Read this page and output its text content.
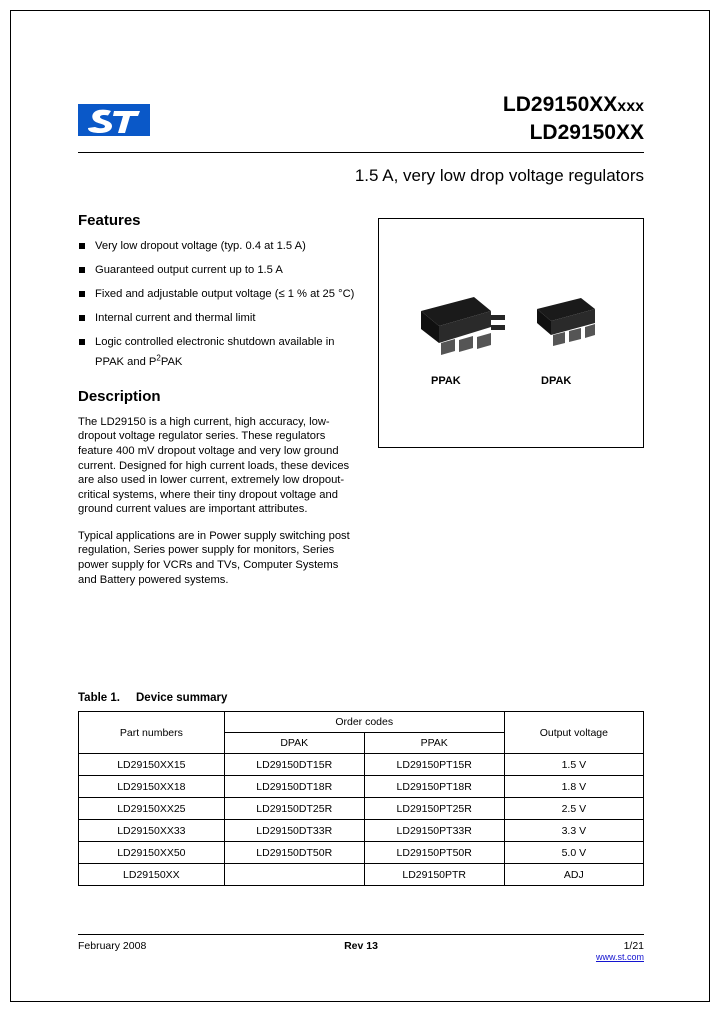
LD29150XXxxx
LD29150XX
1.5 A, very low drop voltage regulators
Features
Very low dropout voltage (typ. 0.4 at 1.5 A)
Guaranteed output current up to 1.5 A
Fixed and adjustable output voltage (≤ 1 % at 25 °C)
Internal current and thermal limit
Logic controlled electronic shutdown available in PPAK and $P^2PAK$
Description

The LD29150 is a high current, high accuracy, low-dropout voltage regulator series. These regulators feature 400 mV dropout voltage and very low ground current. Designed for high current loads, these devices are also used in lower current, extremely low dropout-critical systems, where their tiny dropout voltage and ground current values are important attributes.

Typical applications are in Power supply switching post regulation, Series power supply for monitors, Series power supply for VCRs and TVs, Computer Systems and Battery powered systems.

PPAK	DPAK
Table 1. Device summary
Part numbers	Order codes		Output voltage
	DPAK	PPAK	
LD29150XX15	LD29150DT15R	LD29150PT15R	1.5 V
LD29150XX18	LD29150DT18R	LD29150PT18R	1.8 V
LD29150XX25	LD29150DT25R	LD29150PT25R	2.5 V
LD29150XX33	LD29150DT33R	LD29150PT33R	3.3 V
LD29150XX50	LD29150DT50R	LD29150PT50R	5.0 V
LD29150XX		LD29150PTR	ADJ
February 2008	Rev 13	1/21
www.st.com
